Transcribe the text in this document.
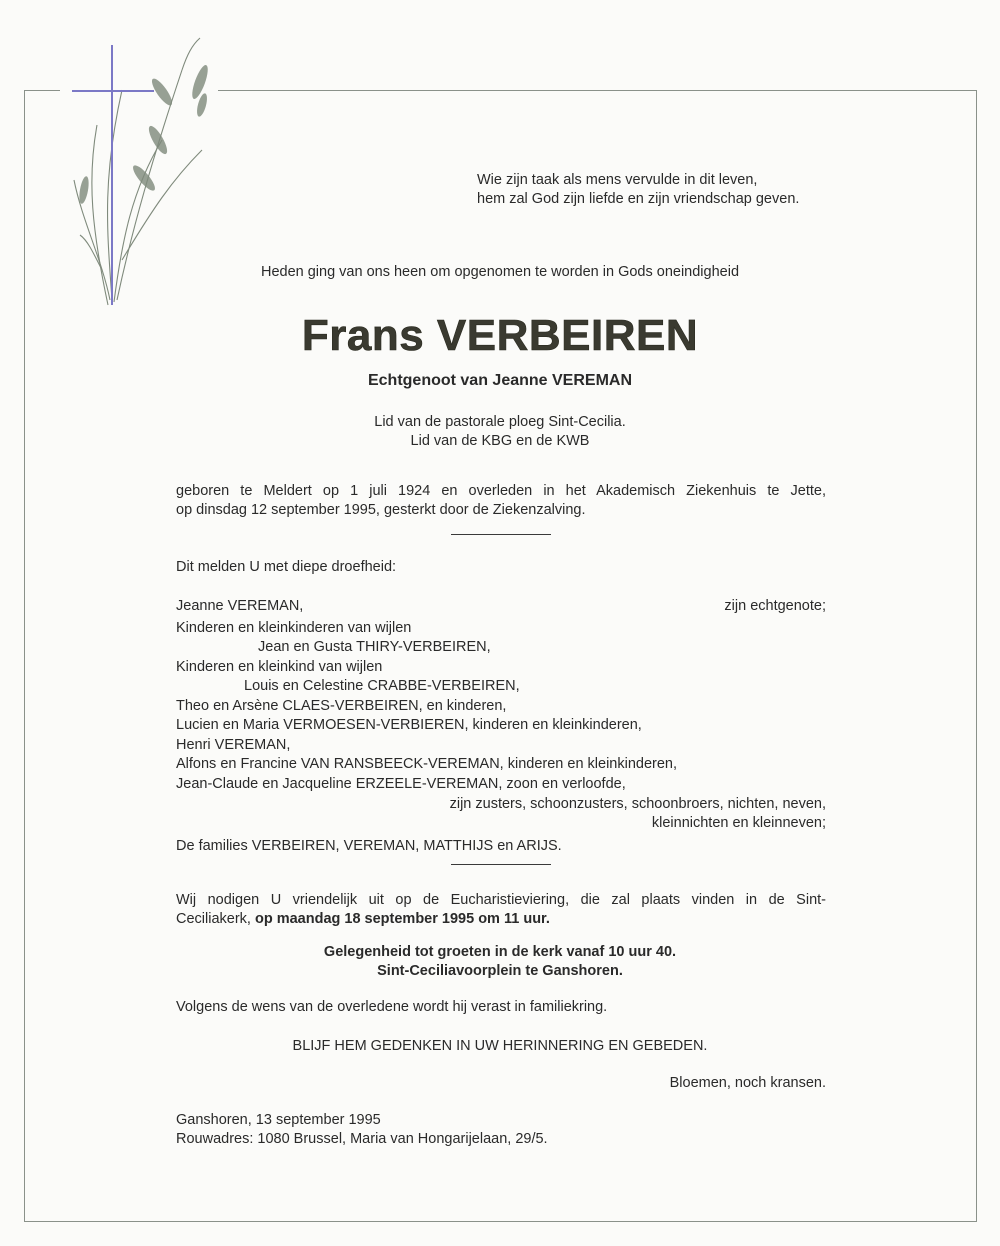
Wie zijn taak als mens vervulde in dit leven,
hem zal God zijn liefde en zijn vriendschap geven.
Heden ging van ons heen om opgenomen te worden in Gods oneindigheid
Frans VERBEIREN
Echtgenoot van Jeanne VEREMAN
Lid van de pastorale ploeg Sint-Cecilia.
Lid van de KBG en de KWB
geboren te Meldert op 1 juli 1924 en overleden in het Akademisch Ziekenhuis te Jette,
op dinsdag 12 september 1995, gesterkt door de Ziekenzalving.
Dit melden U met diepe droefheid:
Jeanne VEREMAN,	zijn echtgenote;
Kinderen en kleinkinderen van wijlen
Jean en Gusta THIRY-VERBEIREN,
Kinderen en kleinkind van wijlen
Louis en Celestine CRABBE-VERBEIREN,
Theo en Arsène CLAES-VERBEIREN, en kinderen,
Lucien en Maria VERMOESEN-VERBIEREN, kinderen en kleinkinderen,
Henri VEREMAN,
Alfons en Francine VAN RANSBEECK-VEREMAN, kinderen en kleinkinderen,
Jean-Claude en Jacqueline ERZEELE-VEREMAN, zoon en verloofde,
zijn zusters, schoonzusters, schoonbroers, nichten, neven,
kleinnichten en kleinneven;
De families VERBEIREN, VEREMAN, MATTHIJS en ARIJS.
Wij nodigen U vriendelijk uit op de Eucharistieviering, die zal plaats vinden in de Sint-
Ceciliakerk, op maandag 18 september 1995 om 11 uur.
Gelegenheid tot groeten in de kerk vanaf 10 uur 40.
Sint-Ceciliavoorplein te Ganshoren.
Volgens de wens van de overledene wordt hij verast in familiekring.
BLIJF HEM GEDENKEN IN UW HERINNERING EN GEBEDEN.
Bloemen, noch kransen.
Ganshoren, 13 september 1995
Rouwadres: 1080 Brussel, Maria van Hongarijelaan, 29/5.
